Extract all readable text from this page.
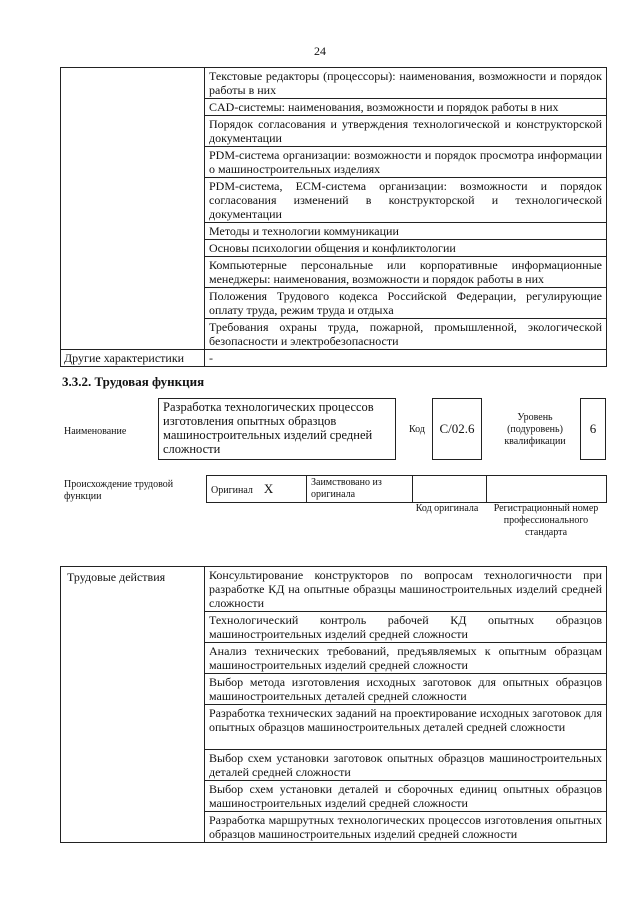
24
	Текстовые редакторы (процессоры): наименования, возможности и порядок работы в них
	CAD-системы: наименования, возможности и порядок работы в них
	Порядок согласования и утверждения технологической и конструкторской документации
	PDM-система организации: возможности и порядок просмотра информации о машиностроительных изделиях
	PDM-система, ECM-система организации: возможности и порядок согласования изменений в конструкторской и технологической документации
	Методы и технологии коммуникации
	Основы психологии общения и конфликтологии
	Компьютерные персональные или корпоративные информационные менеджеры: наименования, возможности и порядок работы в них
	Положения Трудового кодекса Российской Федерации, регулирующие оплату труда, режим труда и отдыха
	Требования охраны труда, пожарной, промышленной, экологической безопасности и электробезопасности
Другие характеристики	-
3.3.2. Трудовая функция
Наименование
Разработка технологических процессов изготовления опытных образцов машиностроительных изделий средней сложности
Код C/02.6
Уровень (подуровень) квалификации
6
Происхождение трудовой функции
Оригинал X	Заимствовано из оригинала		
Код оригинала	Регистрационный номер профессионального стандарта
Трудовые действия	Консультирование конструкторов по вопросам технологичности при разработке КД на опытные образцы машиностроительных изделий средней сложности
	Технологический контроль рабочей КД опытных образцов машиностроительных изделий средней сложности
	Анализ технических требований, предъявляемых к опытным образцам машиностроительных изделий средней сложности
	Выбор метода изготовления исходных заготовок для опытных образцов машиностроительных деталей средней сложности
	Разработка технических заданий на проектирование исходных заготовок для опытных образцов машиностроительных деталей средней сложности
	Выбор схем установки заготовок опытных образцов машиностроительных деталей средней сложности
	Выбор схем установки деталей и сборочных единиц опытных образцов машиностроительных изделий средней сложности
	Разработка маршрутных технологических процессов изготовления опытных образцов машиностроительных изделий средней сложности
